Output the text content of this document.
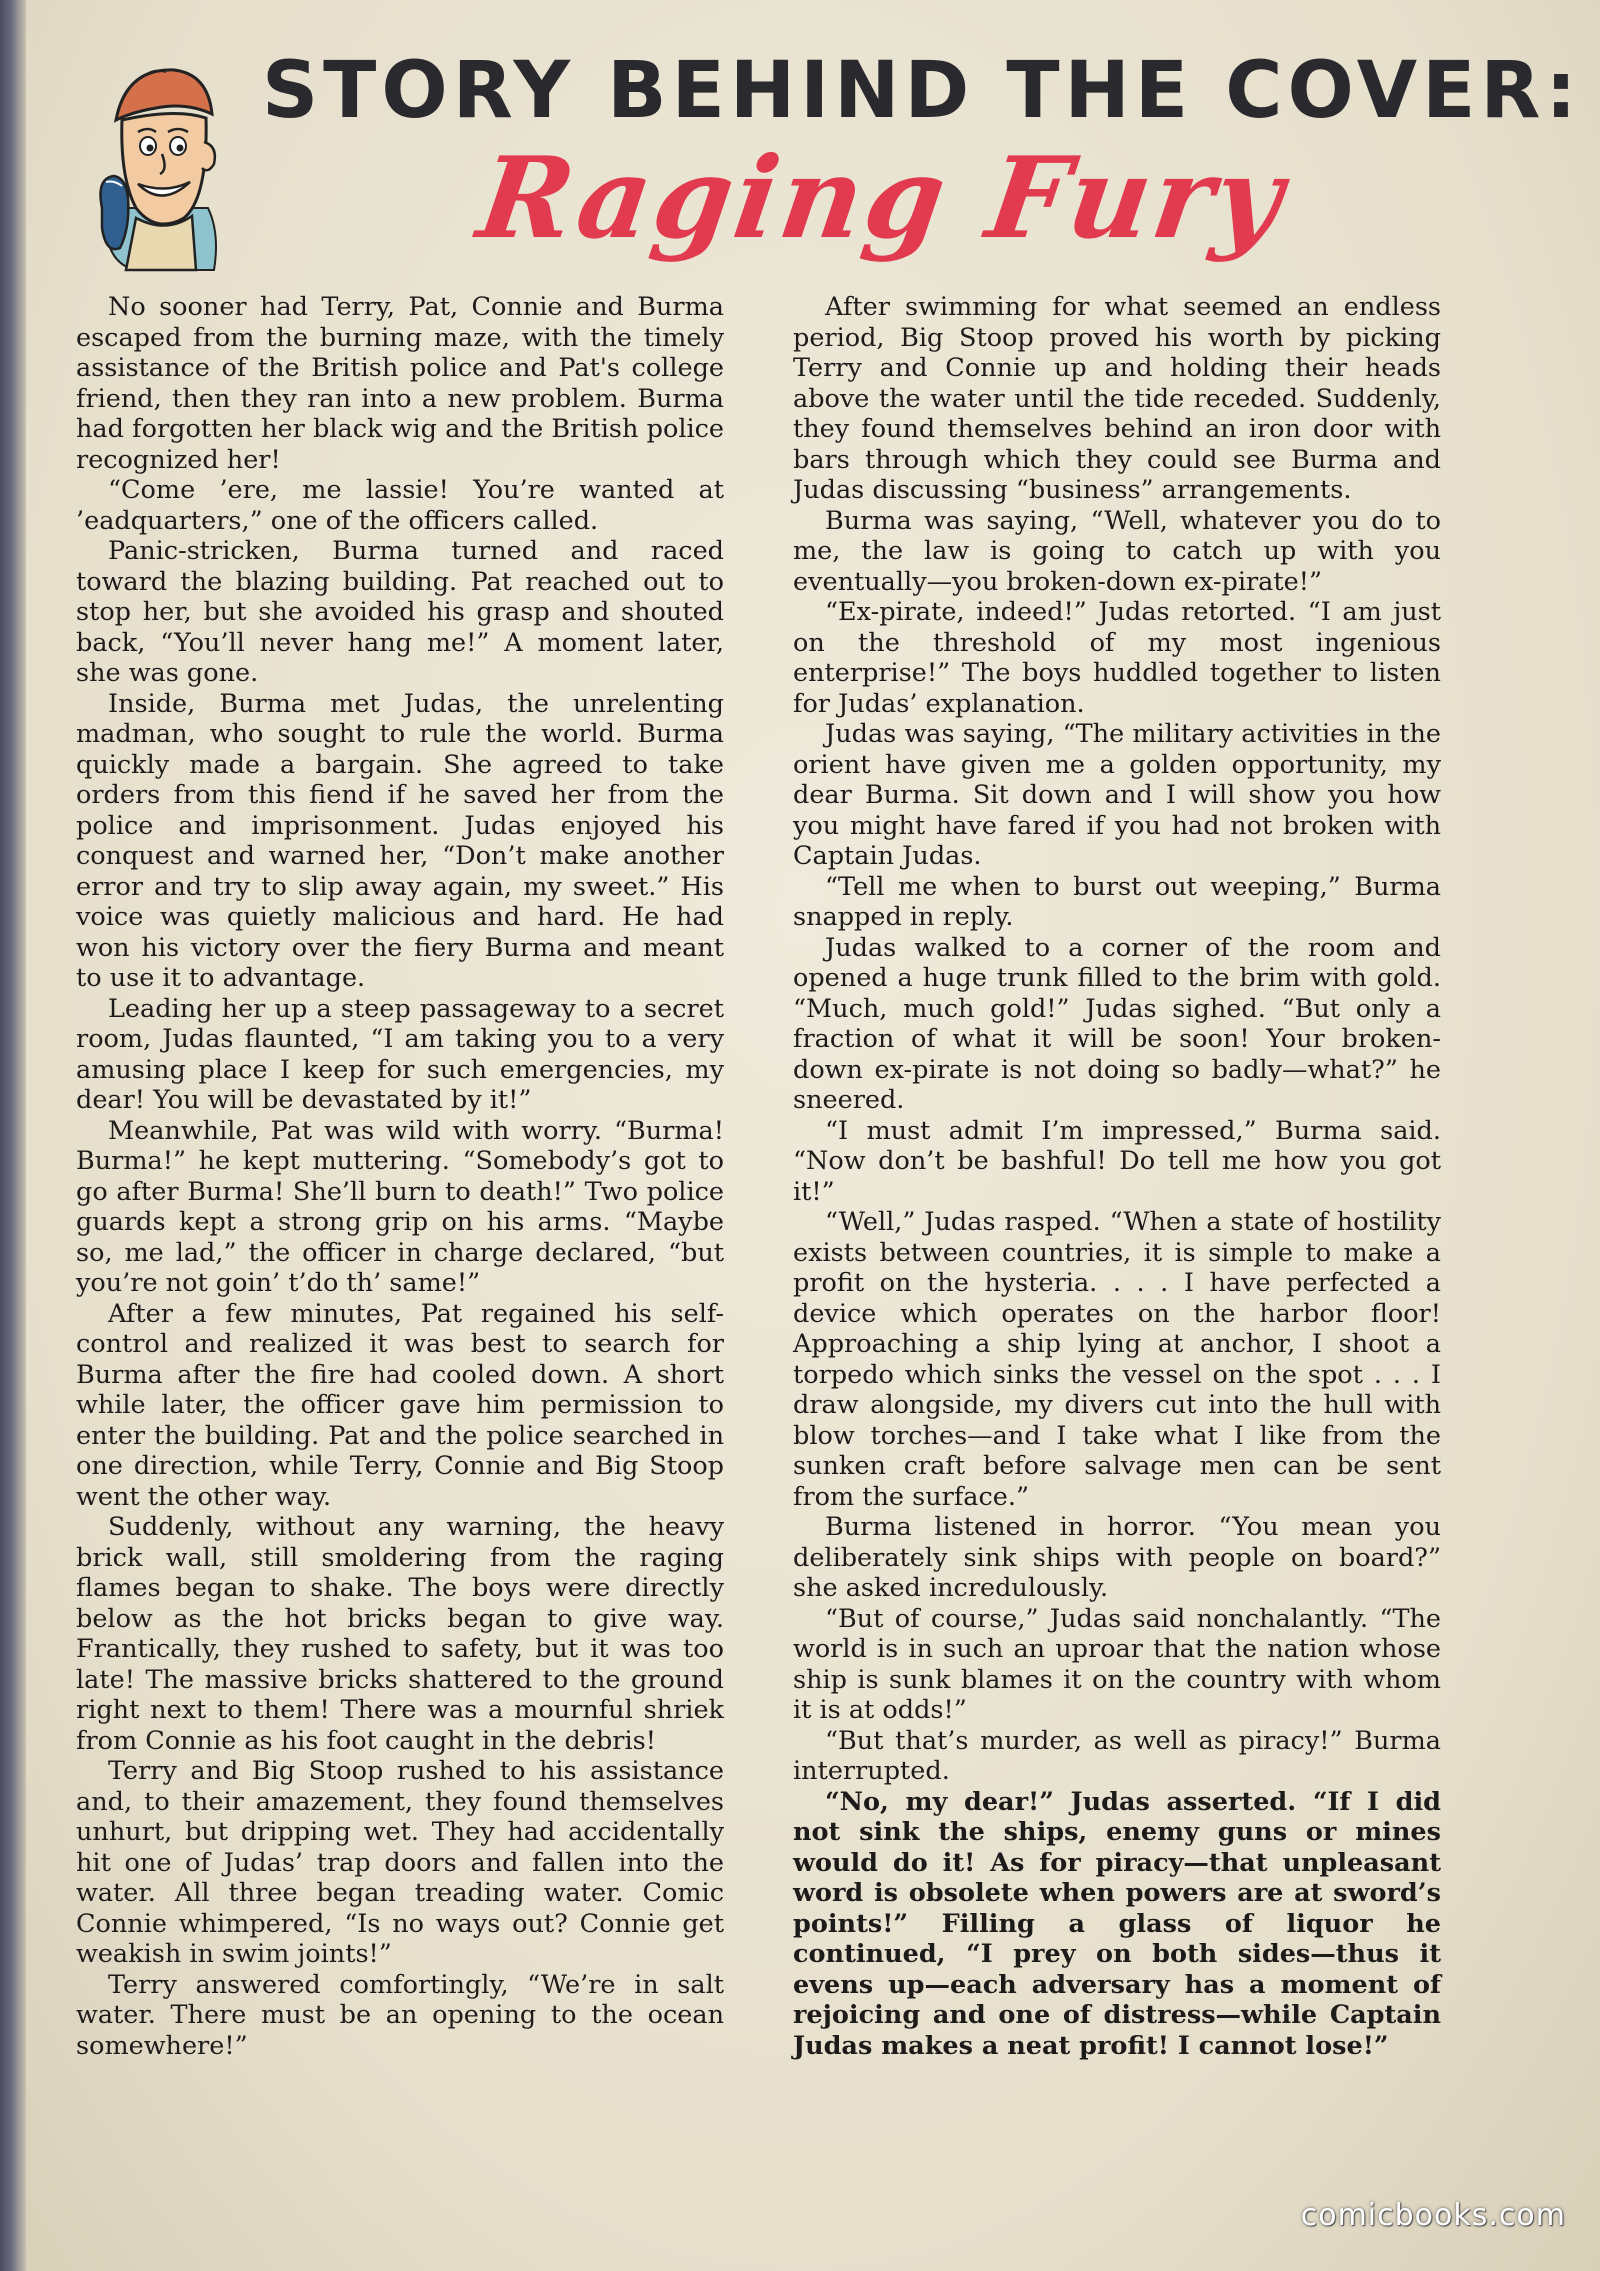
STORY BEHIND THE COVER:
Raging Fury

No sooner had Terry, Pat, Connie and Burma escaped from the burning maze, with the timely assistance of the British police and Pat's college friend, then they ran into a new problem. Burma had forgotten her black wig and the British police recognized her!

“Come ’ere, me lassie! You’re wanted at ’eadquarters,” one of the officers called.

Panic-stricken, Burma turned and raced toward the blazing building. Pat reached out to stop her, but she avoided his grasp and shouted back, “You’ll never hang me!” A moment later, she was gone.

Inside, Burma met Judas, the unrelenting madman, who sought to rule the world. Burma quickly made a bargain. She agreed to take orders from this fiend if he saved her from the police and imprisonment. Judas enjoyed his conquest and warned her, “Don’t make another error and try to slip away again, my sweet.” His voice was quietly malicious and hard. He had won his victory over the fiery Burma and meant to use it to advantage.

Leading her up a steep passageway to a secret room, Judas flaunted, “I am taking you to a very amusing place I keep for such emergencies, my dear! You will be devastated by it!”

Meanwhile, Pat was wild with worry. “Burma! Burma!” he kept muttering. “Somebody’s got to go after Burma! She’ll burn to death!” Two police guards kept a strong grip on his arms. “Maybe so, me lad,” the officer in charge declared, “but you’re not goin’ t’do th’ same!”

After a few minutes, Pat regained his self-control and realized it was best to search for Burma after the fire had cooled down. A short while later, the officer gave him permission to enter the building. Pat and the police searched in one direction, while Terry, Connie and Big Stoop went the other way.

Suddenly, without any warning, the heavy brick wall, still smoldering from the raging flames began to shake. The boys were directly below as the hot bricks began to give way. Frantically, they rushed to safety, but it was too late! The massive bricks shattered to the ground right next to them! There was a mournful shriek from Connie as his foot caught in the debris!

Terry and Big Stoop rushed to his assistance and, to their amazement, they found themselves unhurt, but dripping wet. They had accidentally hit one of Judas’ trap doors and fallen into the water. All three began treading water. Comic Connie whimpered, “Is no ways out? Connie get weakish in swim joints!”

Terry answered comfortingly, “We’re in salt water. There must be an opening to the ocean somewhere!”

After swimming for what seemed an endless period, Big Stoop proved his worth by picking Terry and Connie up and holding their heads above the water until the tide receded. Suddenly, they found themselves behind an iron door with bars through which they could see Burma and Judas discussing “business” arrangements.

Burma was saying, “Well, whatever you do to me, the law is going to catch up with you eventually—you broken-down ex-pirate!”

“Ex-pirate, indeed!” Judas retorted. “I am just on the threshold of my most ingenious enterprise!” The boys huddled together to listen for Judas’ explanation.

Judas was saying, “The military activities in the orient have given me a golden opportunity, my dear Burma. Sit down and I will show you how you might have fared if you had not broken with Captain Judas.

“Tell me when to burst out weeping,” Burma snapped in reply.

Judas walked to a corner of the room and opened a huge trunk filled to the brim with gold. “Much, much gold!” Judas sighed. “But only a fraction of what it will be soon! Your broken-down ex-pirate is not doing so badly—what?” he sneered.

“I must admit I’m impressed,” Burma said. “Now don’t be bashful! Do tell me how you got it!”

“Well,” Judas rasped. “When a state of hostility exists between countries, it is simple to make a profit on the hysteria. . . . I have perfected a device which operates on the harbor floor! Approaching a ship lying at anchor, I shoot a torpedo which sinks the vessel on the spot . . . I draw alongside, my divers cut into the hull with blow torches—and I take what I like from the sunken craft before salvage men can be sent from the surface.”

Burma listened in horror. “You mean you deliberately sink ships with people on board?” she asked incredulously.

“But of course,” Judas said nonchalantly. “The world is in such an uproar that the nation whose ship is sunk blames it on the country with whom it is at odds!”

“But that’s murder, as well as piracy!” Burma interrupted.

“No, my dear!” Judas asserted. “If I did not sink the ships, enemy guns or mines would do it! As for piracy—that unpleasant word is obsolete when powers are at sword’s points!” Filling a glass of liquor he continued, “I prey on both sides—thus it evens up—each adversary has a moment of rejoicing and one of distress—while Captain Judas makes a neat profit! I cannot lose!”

comicbooks.com
